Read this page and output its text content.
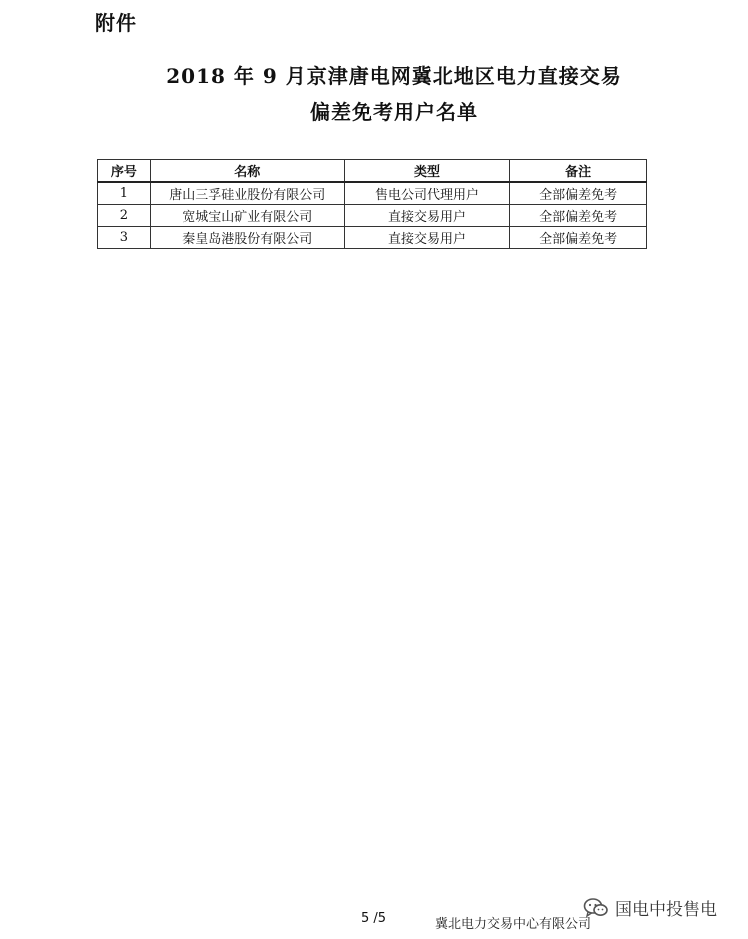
附件
2018 年 9 月京津唐电网冀北地区电力直接交易
偏差免考用户名单
序号	名称	类型	备注
1	唐山三孚硅业股份有限公司	售电公司代理用户	全部偏差免考
2	宽城宝山矿业有限公司	直接交易用户	全部偏差免考
3	秦皇岛港股份有限公司	直接交易用户	全部偏差免考
国电中投售电
5 /5	冀北电力交易中心有限公司
